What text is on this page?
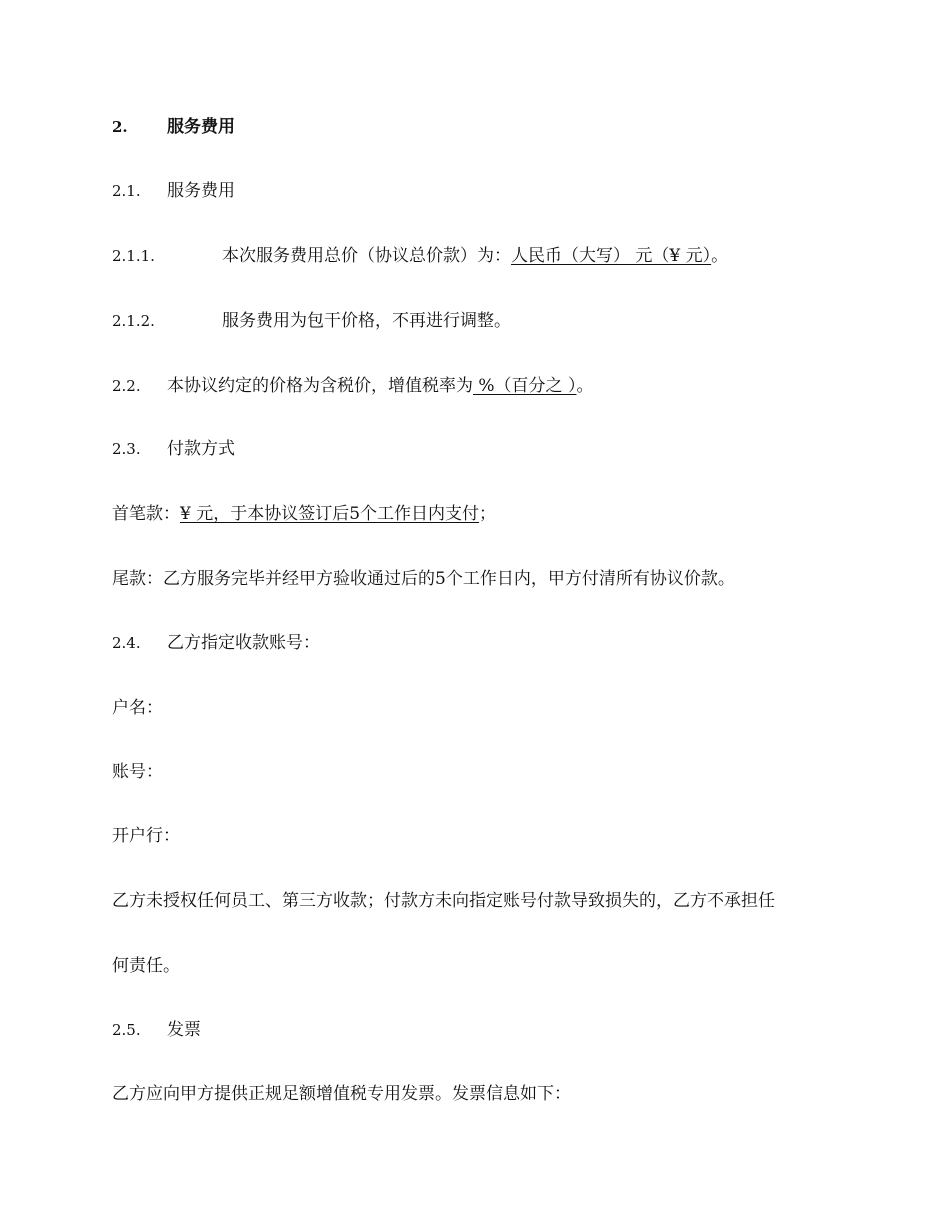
2. 服务费用
2.1. 服务费用
2.1.1.	本次服务费用总价（协议总价款）为：人民币（大写） 元（¥ 元）。
2.1.2.	服务费用为包干价格，不再进行调整。
2.2. 本协议约定的价格为含税价，增值税率为 %（百分之 ）。
2.3. 付款方式
首笔款：¥ 元，于本协议签订后5个工作日内支付；
尾款：乙方服务完毕并经甲方验收通过后的5个工作日内，甲方付清所有协议价款。
2.4. 乙方指定收款账号：
户名：
账号：
开户行：
乙方未授权任何员工、第三方收款；付款方未向指定账号付款导致损失的，乙方不承担任
何责任。
2.5. 发票
乙方应向甲方提供正规足额增值税专用发票。发票信息如下：
